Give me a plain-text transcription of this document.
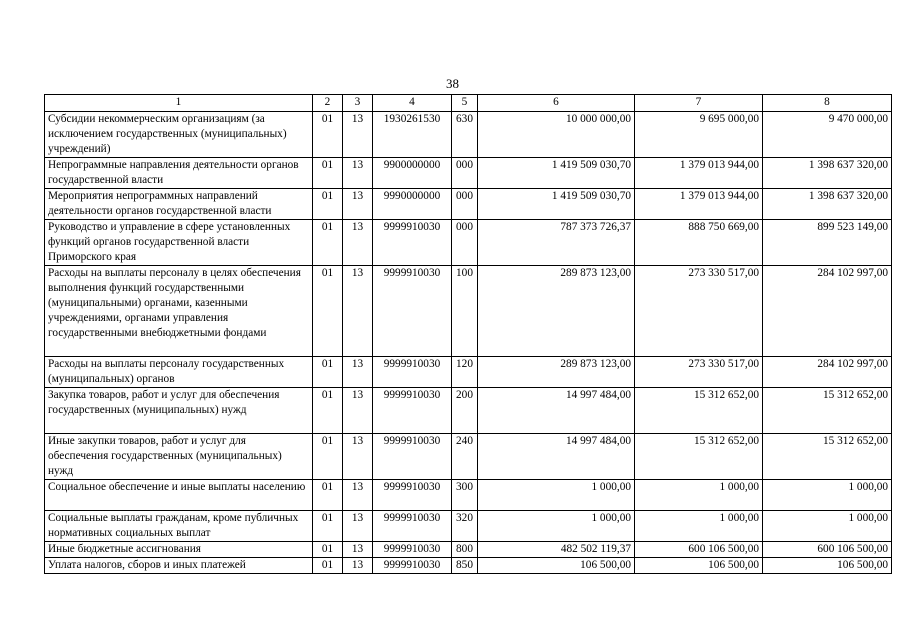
38
1	2	3	4	5	6	7	8
Субсидии некоммерческим организациям (за исключением государственных (муниципальных) учреждений)	01	13	1930261530	630	10 000 000,00	9 695 000,00	9 470 000,00
Непрограммные направления деятельности органов государственной власти	01	13	9900000000	000	1 419 509 030,70	1 379 013 944,00	1 398 637 320,00
Мероприятия непрограммных направлений деятельности органов государственной власти	01	13	9990000000	000	1 419 509 030,70	1 379 013 944,00	1 398 637 320,00
Руководство и управление в сфере установленных функций органов государственной власти Приморского края	01	13	9999910030	000	787 373 726,37	888 750 669,00	899 523 149,00
Расходы на выплаты персоналу в целях обеспечения выполнения функций государственными (муниципальными) органами, казенными учреждениями, органами управления государственными внебюджетными фондами	01	13	9999910030	100	289 873 123,00	273 330 517,00	284 102 997,00
Расходы на выплаты персоналу государственных (муниципальных) органов	01	13	9999910030	120	289 873 123,00	273 330 517,00	284 102 997,00
Закупка товаров, работ и услуг для обеспечения государственных (муниципальных) нужд	01	13	9999910030	200	14 997 484,00	15 312 652,00	15 312 652,00
Иные закупки товаров, работ и услуг для обеспечения государственных (муниципальных) нужд	01	13	9999910030	240	14 997 484,00	15 312 652,00	15 312 652,00
Социальное обеспечение и иные выплаты населению	01	13	9999910030	300	1 000,00	1 000,00	1 000,00
Социальные выплаты гражданам, кроме публичных нормативных социальных выплат	01	13	9999910030	320	1 000,00	1 000,00	1 000,00
Иные бюджетные ассигнования	01	13	9999910030	800	482 502 119,37	600 106 500,00	600 106 500,00
Уплата налогов, сборов и иных платежей	01	13	9999910030	850	106 500,00	106 500,00	106 500,00
